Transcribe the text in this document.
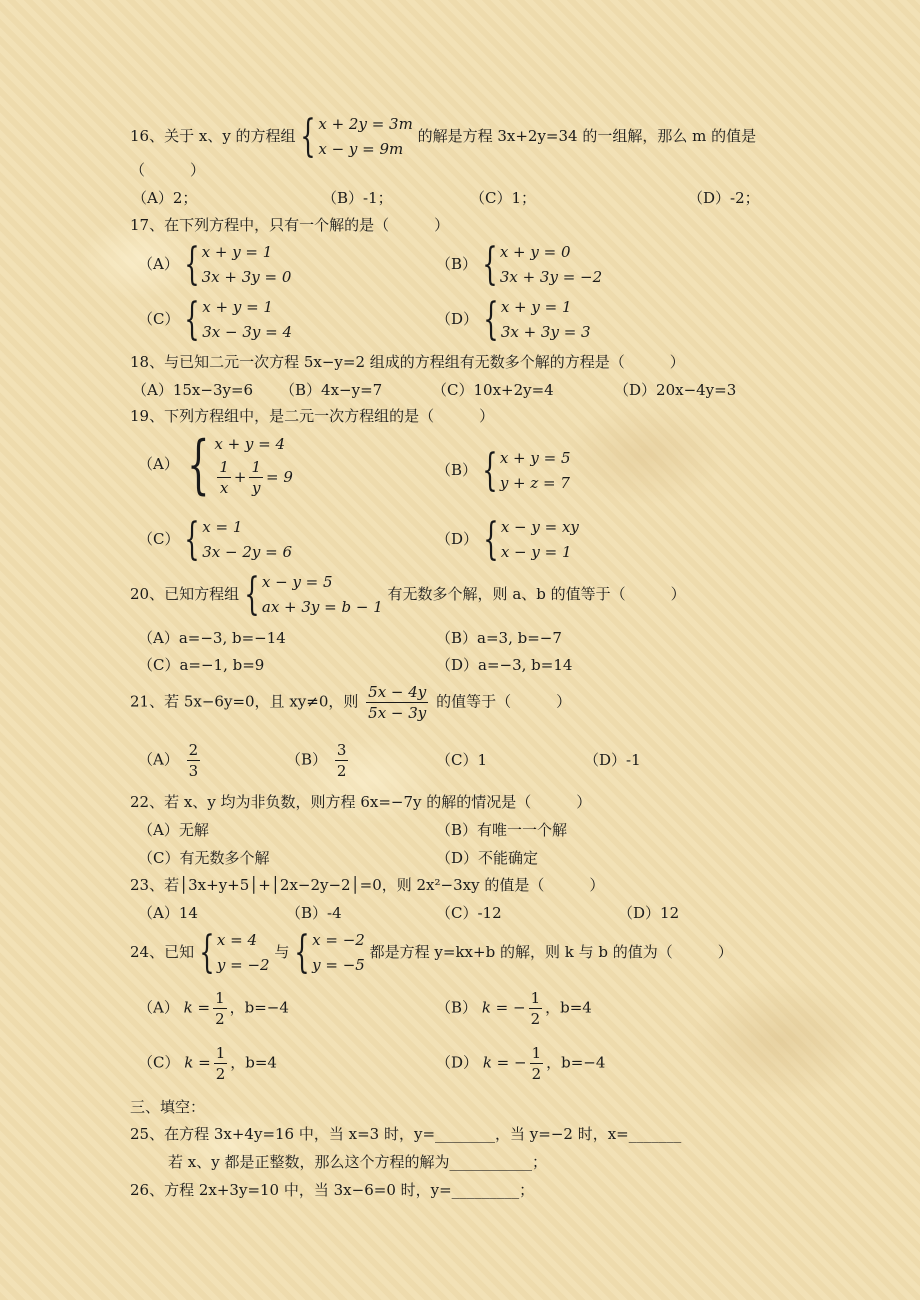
16、关于 x、y 的方程组 { x + 2y = 3m
x − y = 9m
的解是方程 3x+2y=34 的一组解，那么 m 的值是
（　　　）
（A）2；	（B）-1；	（C）1；	（D）-2；
17、在下列方程中，只有一个解的是（　　　）
（A） { x + y = 1
3x + 3y = 0
（B） { x + y = 0
3x + 3y = −2
（C） { x + y = 1
3x − 3y = 4
（D） { x + y = 1
3x + 3y = 3
18、与已知二元一次方程 5x−y=2 组成的方程组有无数多个解的方程是（　　　）
（A）15x−3y=6 （B）4x−y=7	（C）10x+2y=4	（D）20x−4y=3
19、下列方程组中，是二元一次方程组的是（　　　）
（A） { x + y = 4
$\frac{1}{x} + \frac{1}{y} = 9$	（B） { x + y = 5
y + z = 7
（C） { x = 1
3x − 2y = 6
（D） { x − y = xy
x − y = 1
20、已知方程组 { x − y = 5
ax + 3y = b − 1
有无数多个解，则 a、b 的值等于（　　　）
（A）a=−3, b=−14	（B）a=3, b=−7
（C）a=−1, b=9	（D）a=−3, b=14
21、若 5x−6y=0，且 xy≠0，则 $\frac{5x - 4y}{5x - 3y}$ 的值等于（　　　）
$(A) \frac{2}{3}$	$(B) \frac{3}{2}$	（C）1	（D）-1
22、若 x、y 均为非负数，则方程 6x=−7y 的解的情况是（　　　）
（A）无解	（B）有唯一一个解
（C）有无数多个解	（D）不能确定
23、若│3x+y+5│+│2x−2y−2│=0，则 2x²−3xy 的值是（　　　）
（A）14	（B）-4	（C）-12	（D）12
24、已知 { x = 4
y = −2
与 { x = −2
y = −5
都是方程 y=kx+b 的解，则 k 与 b 的值为（　　　）
（A） $k = \frac{1}{2}$ ，b=−4	（B） k = − $\frac{1}{2}$ ，b=4
（C） $k = \frac{1}{2}$ ，b=4	（D） k = − $\frac{1}{2}$ ，b=−4
三、填空：
25、在方程 3x+4y=16 中，当 x=3 时，y=________，当 y=−2 时，x=_______
若 x、y 都是正整数，那么这个方程的解为___________；
26、方程 2x+3y=10 中，当 3x−6=0 时，y=_________；
